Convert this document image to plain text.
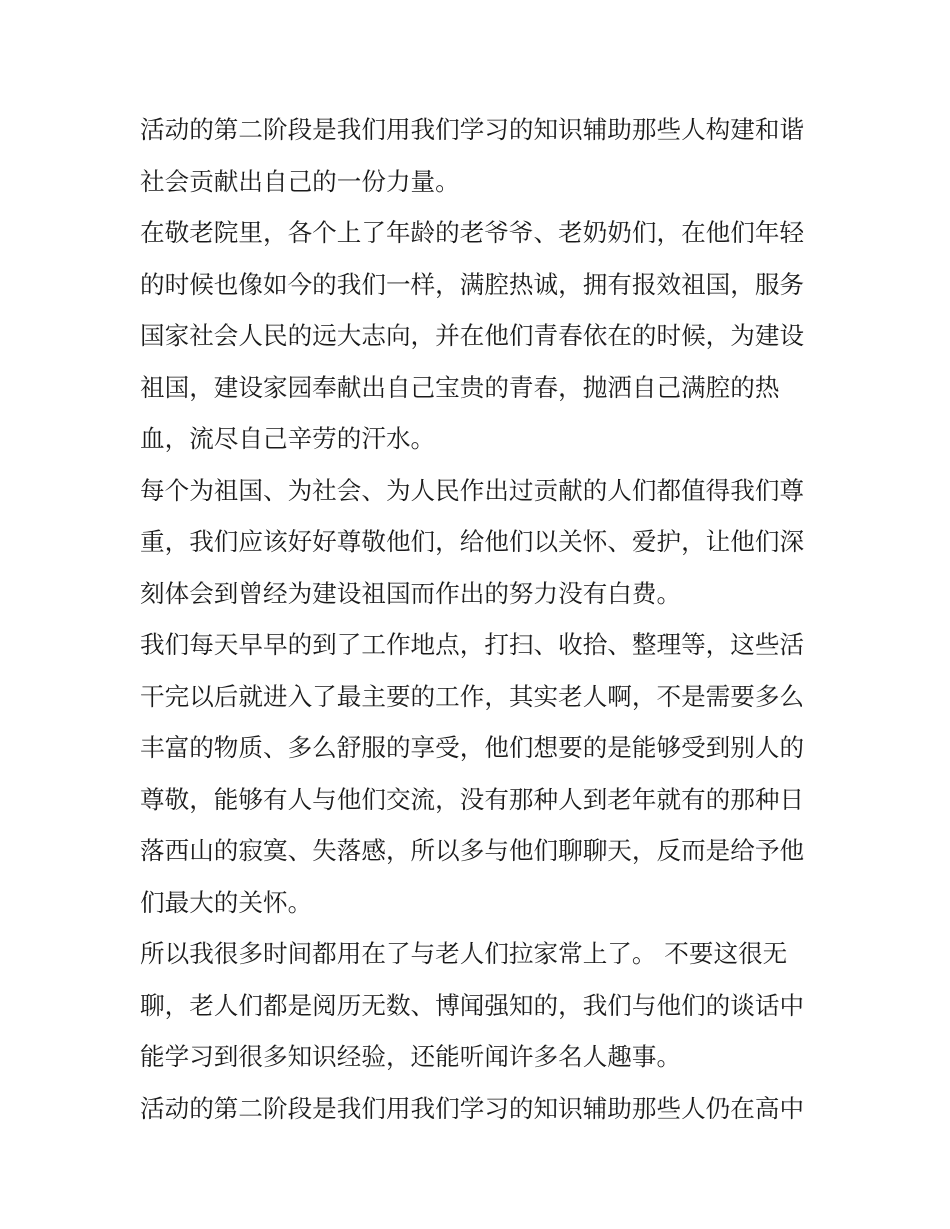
活动的第二阶段是我们用我们学习的知识辅助那些人构建和谐
社会贡献出自己的一份力量。
在敬老院里，各个上了年龄的老爷爷、老奶奶们，在他们年轻
的时候也像如今的我们一样，满腔热诚，拥有报效祖国，服务
国家社会人民的远大志向，并在他们青春依在的时候，为建设
祖国，建设家园奉献出自己宝贵的青春，抛洒自己满腔的热
血，流尽自己辛劳的汗水。
每个为祖国、为社会、为人民作出过贡献的人们都值得我们尊
重，我们应该好好尊敬他们，给他们以关怀、爱护，让他们深
刻体会到曾经为建设祖国而作出的努力没有白费。
我们每天早早的到了工作地点，打扫、收拾、整理等，这些活
干完以后就进入了最主要的工作，其实老人啊，不是需要多么
丰富的物质、多么舒服的享受，他们想要的是能够受到别人的
尊敬，能够有人与他们交流，没有那种人到老年就有的那种日
落西山的寂寞、失落感，所以多与他们聊聊天，反而是给予他
们最大的关怀。
所以我很多时间都用在了与老人们拉家常上了。 不要这很无
聊，老人们都是阅历无数、博闻强知的，我们与他们的谈话中
能学习到很多知识经验，还能听闻许多名人趣事。
活动的第二阶段是我们用我们学习的知识辅助那些人仍在高中
